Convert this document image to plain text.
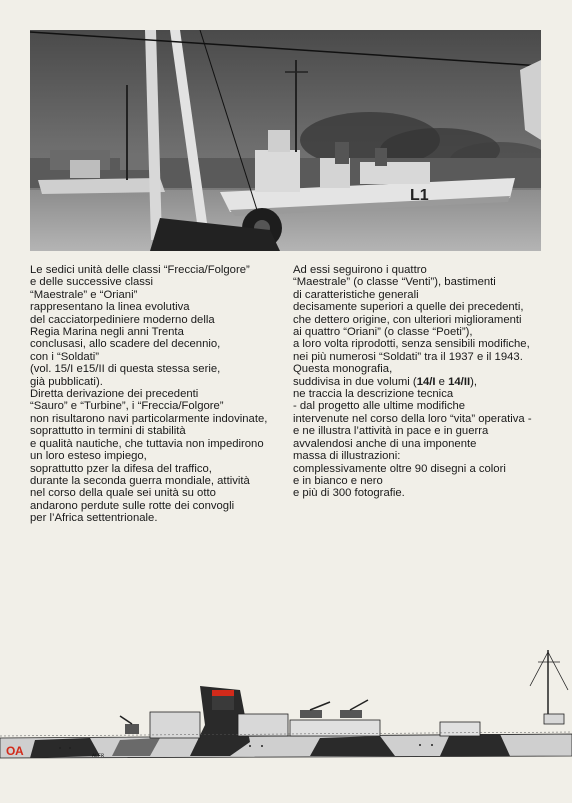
L1
Le sedici unità delle classi “Freccia/Folgore”
e delle successive classi
“Maestrale” e “Oriani”
rappresentano la linea evolutiva
del cacciatorpediniere moderno della
Regia Marina negli anni Trenta
conclusasi, allo scadere del decennio,
con i “Soldati”
(vol. 15/I e15/II di questa stessa serie,
già pubblicati).
Diretta derivazione dei precedenti
“Sauro” e “Turbine”, i “Freccia/Folgore”
non risultarono navi particolarmente indovinate,
soprattutto in termini di stabilità
e qualità nautiche, che tuttavia non impedirono
un loro esteso impiego,
soprattutto pzer la difesa del traffico,
durante la seconda guerra mondiale, attività
nel corso della quale sei unità su otto
andarono perdute sulle rotte dei convogli
per l’Africa settentrionale.
Ad essi seguirono i quattro
“Maestrale” (o classe “Venti”), bastimenti
di caratteristiche generali
decisamente superiori a quelle dei precedenti,
che dettero origine, con ulteriori miglioramenti
ai quattro “Oriani” (o classe “Poeti”),
a loro volta riprodotti, senza sensibili modifiche,
nei più numerosi “Soldati” tra il 1937 e il 1943.
Questa monografia,
suddivisa in due volumi (14/I e 14/II),
ne traccia la descrizione tecnica
- dal progetto alle ultime modifiche
intervenute nel corso della loro “vita” operativa -
e ne illustra l’attività in pace e in guerra
avvalendosi anche di una imponente
massa di illustrazioni:
complessivamente oltre 90 disegni a colori
e in bianco e nero
e più di 300 fotografie.
OA	ALFR
